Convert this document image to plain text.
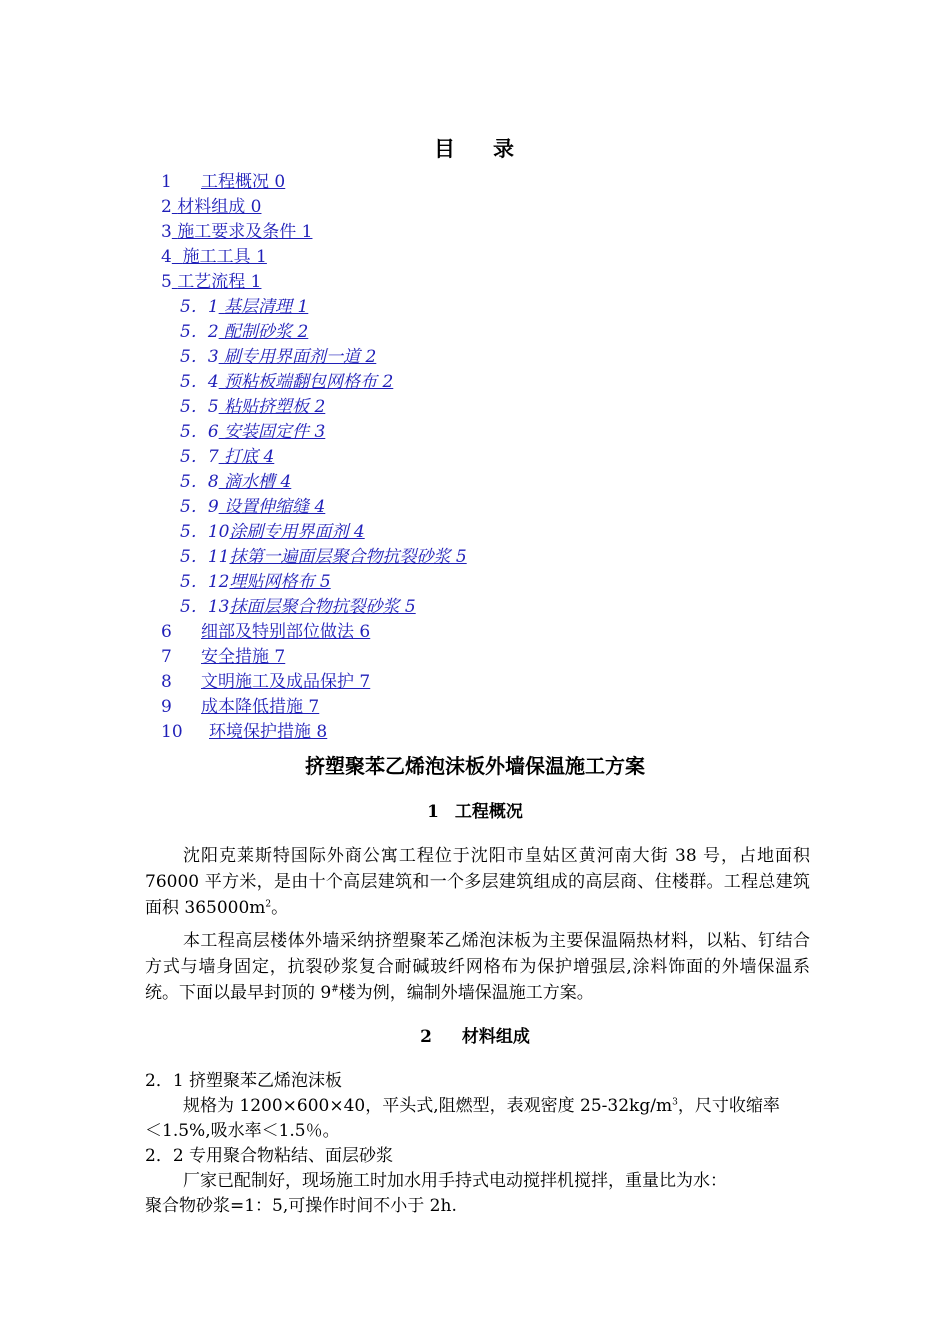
目 录
1 工程概况 0
2 材料组成 0
3 施工要求及条件 1
4 施工工具 1
5 工艺流程 1
5．1 基层清理 1
5．2 配制砂浆 2
5．3 刷专用界面剂一道 2
5．4 预粘板端翻包网格布 2
5．5 粘贴挤塑板 2
5．6 安装固定件 3
5．7 打底 4
5．8 滴水槽 4
5．9 设置伸缩缝 4
5．10涂刷专用界面剂 4
5．11抹第一遍面层聚合物抗裂砂浆 5
5．12埋贴网格布 5
5．13抹面层聚合物抗裂砂浆 5
6 细部及特别部位做法 6
7 安全措施 7
8 文明施工及成品保护 7
9 成本降低措施 7
10 环境保护措施 8
挤塑聚苯乙烯泡沫板外墙保温施工方案
1 工程概况
沈阳克莱斯特国际外商公寓工程位于沈阳市皇姑区黄河南大街 38 号，占地面积 76000 平方米，是由十个高层建筑和一个多层建筑组成的高层商、住楼群。工程总建筑面积 $365000m^2$。
本工程高层楼体外墙采纳挤塑聚苯乙烯泡沫板为主要保温隔热材料，以粘、钉结合方式与墙身固定，抗裂砂浆复合耐碱玻纤网格布为保护增强层,涂料饰面的外墙保温系统。下面以最早封顶的 9#楼为例，编制外墙保温施工方案。
2 材料组成
2．1 挤塑聚苯乙烯泡沫板
规格为 1200×600×40，平头式,阻燃型，表观密度 $25-32kg/m^3$，尺寸收缩率
＜1.5%,吸水率＜1.5％。
2．2 专用聚合物粘结、面层砂浆
厂家已配制好，现场施工时加水用手持式电动搅拌机搅拌，重量比为水：
聚合物砂浆=1：5,可操作时间不小于 2h.
